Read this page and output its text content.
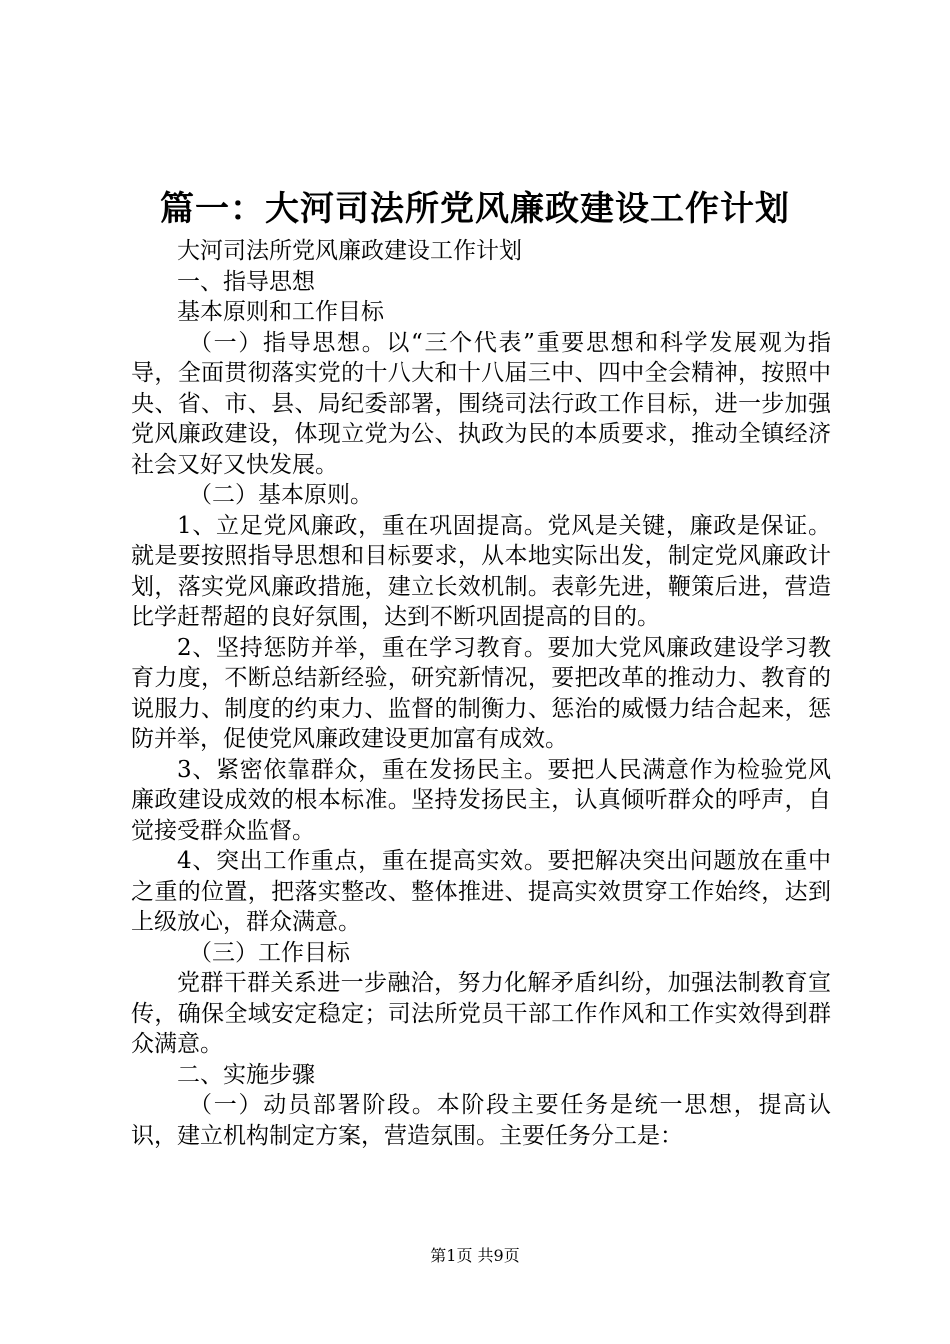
篇一：大河司法所党风廉政建设工作计划

大河司法所党风廉政建设工作计划

一、指导思想

基本原则和工作目标

（一）指导思想。以“三个代表”重要思想和科学发展观为指导，全面贯彻落实党的十八大和十八届三中、四中全会精神，按照中央、省、市、县、局纪委部署，围绕司法行政工作目标，进一步加强党风廉政建设，体现立党为公、执政为民的本质要求，推动全镇经济社会又好又快发展。

（二）基本原则。

1、立足党风廉政，重在巩固提高。党风是关键，廉政是保证。就是要按照指导思想和目标要求，从本地实际出发，制定党风廉政计划，落实党风廉政措施，建立长效机制。表彰先进，鞭策后进，营造比学赶帮超的良好氛围，达到不断巩固提高的目的。

2、坚持惩防并举，重在学习教育。要加大党风廉政建设学习教育力度，不断总结新经验，研究新情况，要把改革的推动力、教育的说服力、制度的约束力、监督的制衡力、惩治的威慑力结合起来，惩防并举，促使党风廉政建设更加富有成效。

3、紧密依靠群众，重在发扬民主。要把人民满意作为检验党风廉政建设成效的根本标准。坚持发扬民主，认真倾听群众的呼声，自觉接受群众监督。

4、突出工作重点，重在提高实效。要把解决突出问题放在重中之重的位置，把落实整改、整体推进、提高实效贯穿工作始终，达到上级放心，群众满意。

（三）工作目标

党群干群关系进一步融洽，努力化解矛盾纠纷，加强法制教育宣传，确保全域安定稳定；司法所党员干部工作作风和工作实效得到群众满意。

二、实施步骤

（一）动员部署阶段。本阶段主要任务是统一思想，提高认识，建立机构制定方案，营造氛围。主要任务分工是：

第1页 共9页
